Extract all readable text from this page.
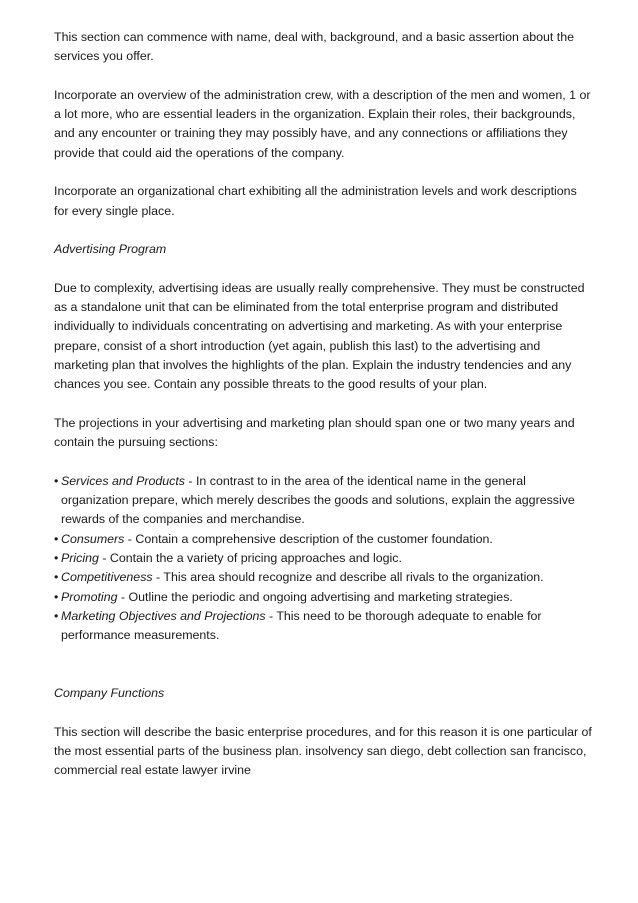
This section can commence with name, deal with, background, and a basic assertion about the services you offer.

Incorporate an overview of the administration crew, with a description of the men and women, 1 or a lot more, who are essential leaders in the organization. Explain their roles, their backgrounds, and any encounter or training they may possibly have, and any connections or affiliations they provide that could aid the operations of the company.

Incorporate an organizational chart exhibiting all the administration levels and work descriptions for every single place.

Advertising Program

Due to complexity, advertising ideas are usually really comprehensive. They must be constructed as a standalone unit that can be eliminated from the total enterprise program and distributed individually to individuals concentrating on advertising and marketing. As with your enterprise prepare, consist of a short introduction (yet again, publish this last) to the advertising and marketing plan that involves the highlights of the plan. Explain the industry tendencies and any chances you see. Contain any possible threats to the good results of your plan.

The projections in your advertising and marketing plan should span one or two many years and contain the pursuing sections:

• Services and Products - In contrast to in the area of the identical name in the general organization prepare, which merely describes the goods and solutions, explain the aggressive rewards of the companies and merchandise.
• Consumers - Contain a comprehensive description of the customer foundation.
• Pricing - Contain the a variety of pricing approaches and logic.
• Competitiveness - This area should recognize and describe all rivals to the organization.
• Promoting - Outline the periodic and ongoing advertising and marketing strategies.
• Marketing Objectives and Projections - This need to be thorough adequate to enable for performance measurements.
Company Functions

This section will describe the basic enterprise procedures, and for this reason it is one particular of the most essential parts of the business plan. insolvency san diego, debt collection san francisco, commercial real estate lawyer irvine
